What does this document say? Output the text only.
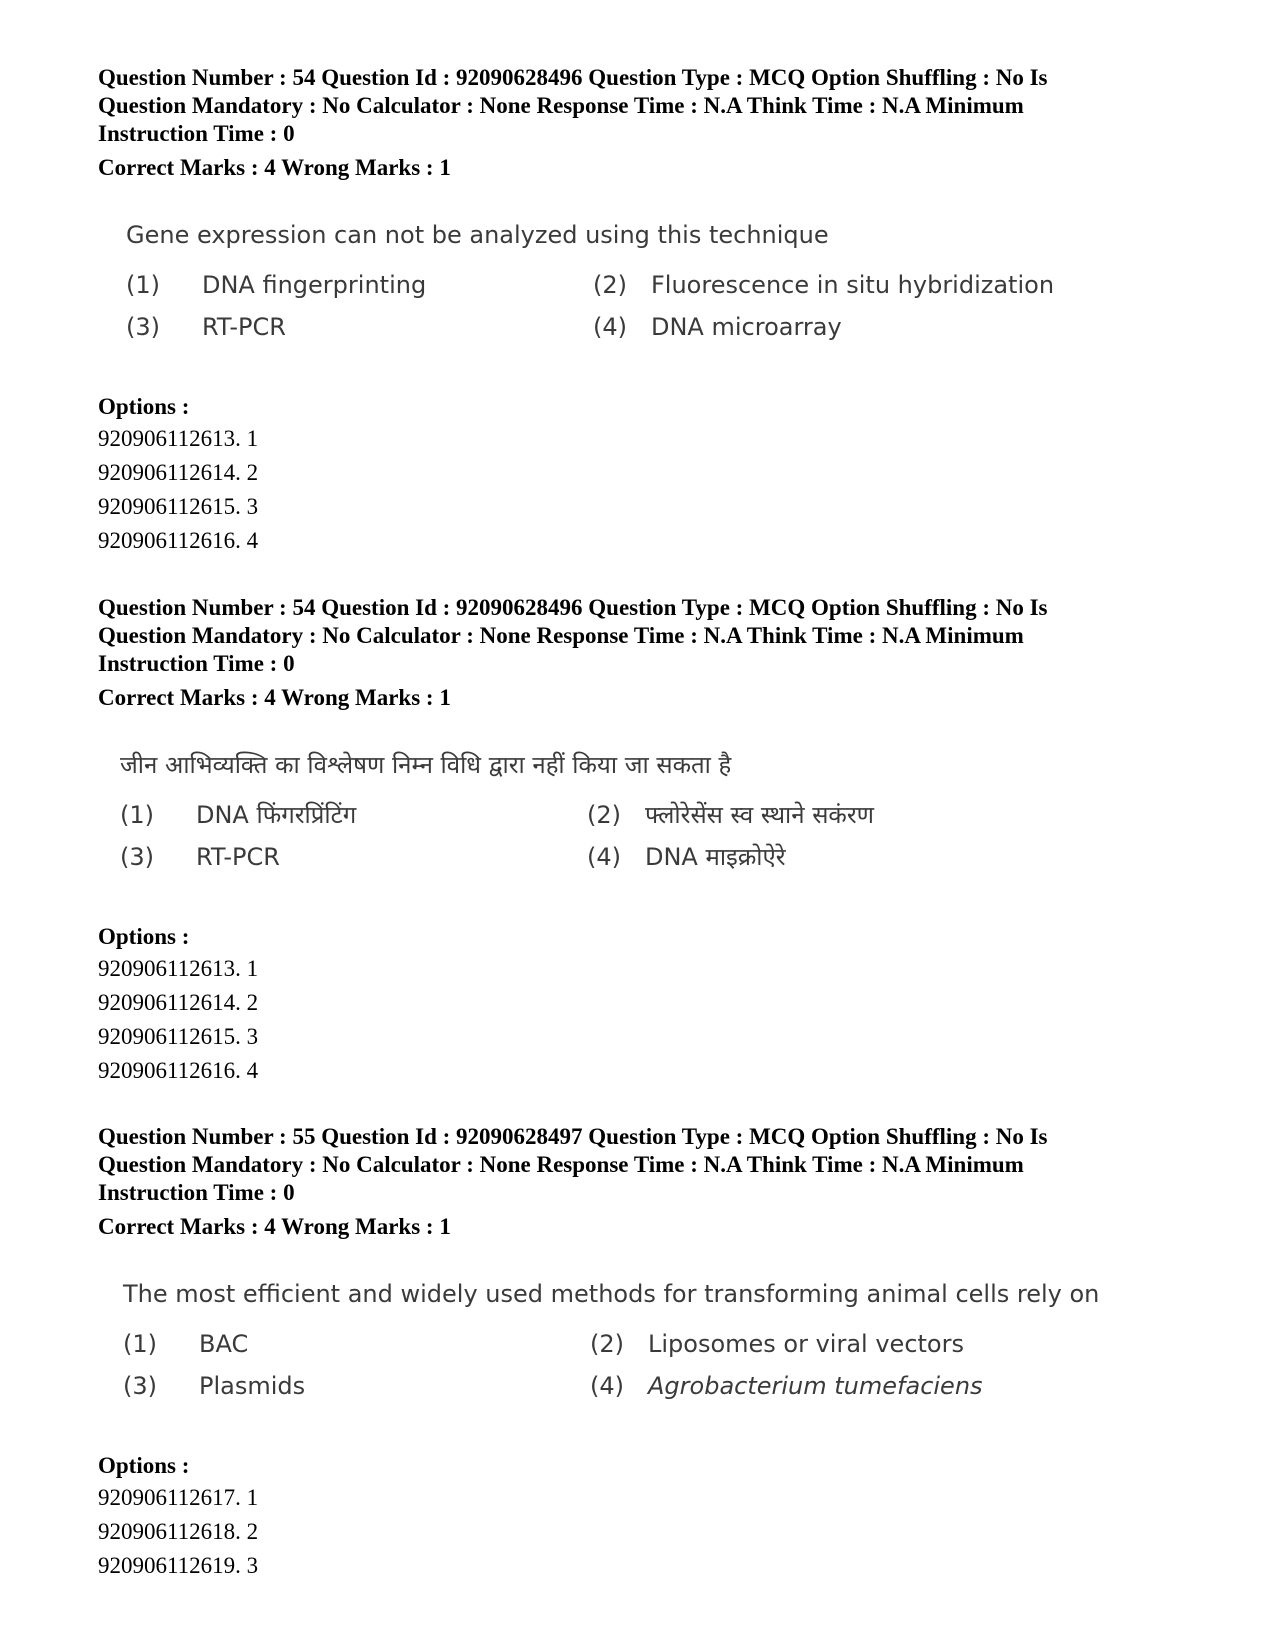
Question Number : 54 Question Id : 92090628496 Question Type : MCQ Option Shuffling : No Is
Question Mandatory : No Calculator : None Response Time : N.A Think Time : N.A Minimum
Instruction Time : 0
Correct Marks : 4 Wrong Marks : 1
Gene expression can not be analyzed using this technique
(1) DNA fingerprinting	(2) Fluorescence in situ hybridization
(3) RT-PCR	(4) DNA microarray
Options :
920906112613. 1
920906112614. 2
920906112615. 3
920906112616. 4
Question Number : 54 Question Id : 92090628496 Question Type : MCQ Option Shuffling : No Is
Question Mandatory : No Calculator : None Response Time : N.A Think Time : N.A Minimum
Instruction Time : 0
Correct Marks : 4 Wrong Marks : 1
जीन आभिव्यक्ति का विश्लेषण निम्न विधि द्वारा नहीं किया जा सकता है
(1) DNA फिंगरप्रिंटिंग	(2) फ्लोरेसेंस स्व स्थाने सकंरण
(3) RT-PCR	(4) DNA माइक्रोऐरे
Options :
920906112613. 1
920906112614. 2
920906112615. 3
920906112616. 4
Question Number : 55 Question Id : 92090628497 Question Type : MCQ Option Shuffling : No Is
Question Mandatory : No Calculator : None Response Time : N.A Think Time : N.A Minimum
Instruction Time : 0
Correct Marks : 4 Wrong Marks : 1
The most efficient and widely used methods for transforming animal cells rely on
(1) BAC	(2) Liposomes or viral vectors
(3) Plasmids	(4) Agrobacterium tumefaciens
Options :
920906112617. 1
920906112618. 2
920906112619. 3
